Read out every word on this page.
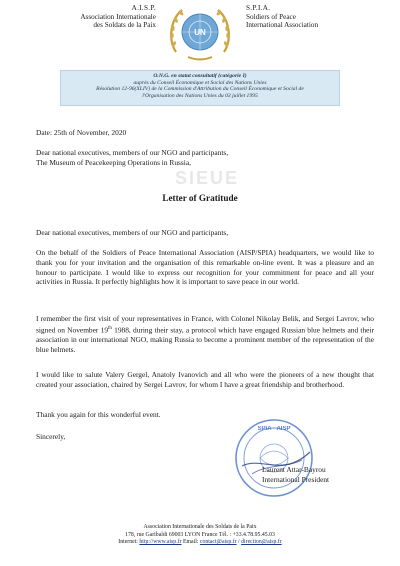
A.I.S.P.
Association Internationale
des Soldats de la Paix
UN
S.P.I.A.
Soldiers of Peace
International Association
O.N.G. en statut consultatif (catégorie I)
auprès du Conseil Économique et Social des Nations Unies
Résolution 12-96(XLIV) de la Commission d'Attribution du Conseil Économique et Social de
l'Organisation des Nations Unies du 03 juillet 1995
SIEUE
Date: 25th of November, 2020
Dear national executives, members of our NGO and participants,
The Museum of Peacekeeping Operations in Russia,
Letter of Gratitude
Dear national executives, members of our NGO and participants,
On the behalf of the Soldiers of Peace International Association (AISP/SPIA) headquarters, we would like to thank you for your invitation and the organisation of this remarkable on-line event. It was a pleasure and an honour to participate. I would like to express our recognition for your commitment for peace and all your activities in Russia. It perfectly highlights how it is important to save peace in our world.
I remember the first visit of your representatives in France, with Colonel Nikolay Belik, and Sergei Lavrov, who signed on November 19th 1988, during their stay, a protocol which have engaged Russian blue helmets and their association in our international NGO, making Russia to become a prominent member of the representation of the blue helmets.
I would like to salute Valery Gergel, Anatoly Ivanovich and all who were the pioneers of a new thought that created your association, chaired by Sergei Lavrov, for whom I have a great friendship and brotherhood.
Thank you again for this wonderful event.
Sincerely,
SPIA · AISP
Laurent Attar-Bayrou
International President
Association Internationale des Soldats de la Paix
178, rue Garibaldi 69003 LYON France Tél. : +33.4.78.95.45.03
Internet: http://www.aisp.fr Email: contact@aisp.fr / direction@aisp.fr
